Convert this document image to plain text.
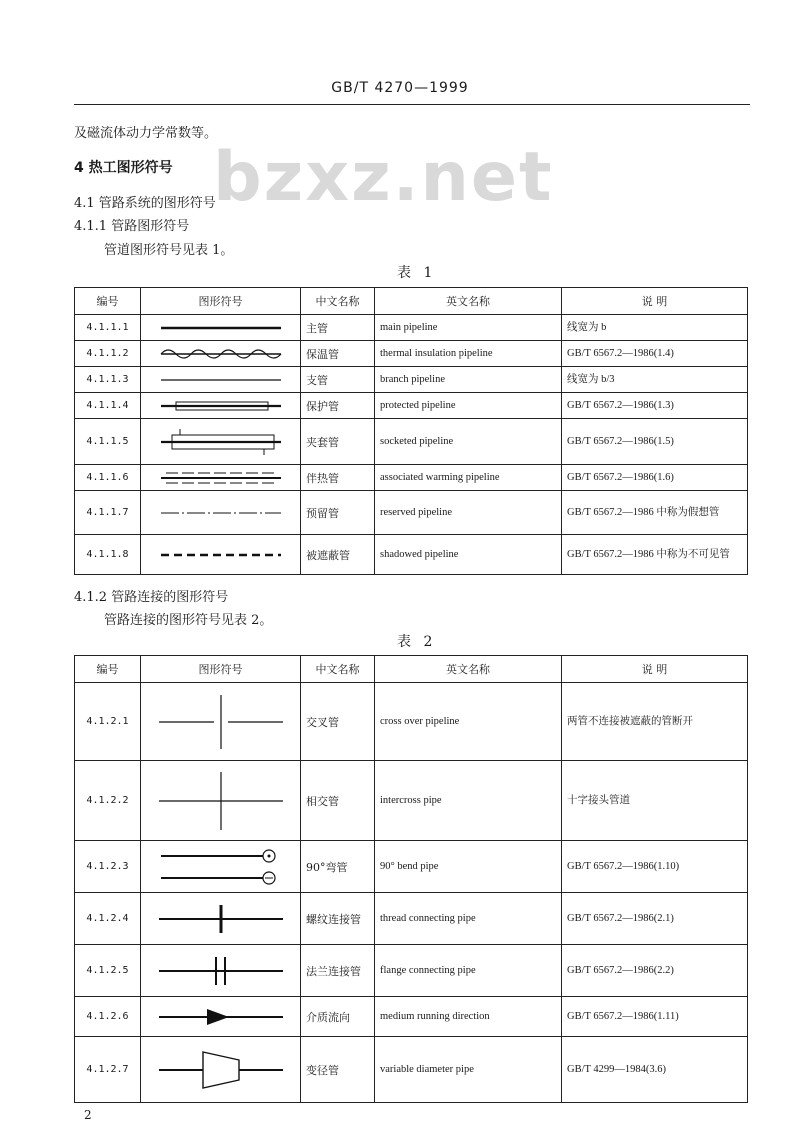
GB/T 4270—1999
bzxz.net
及磁流体动力学常数等。
4 热工图形符号
4.1 管路系统的图形符号
4.1.1 管路图形符号
管道图形符号见表 1。
表 1
编号	图形符号	中文名称	英文名称	说 明
4.1.1.1		主管	main pipeline	线宽为 b
4.1.1.2		保温管	thermal insulation pipeline	GB/T 6567.2—1986(1.4)
4.1.1.3		支管	branch pipeline	线宽为 b/3
4.1.1.4		保护管	protected pipeline	GB/T 6567.2—1986(1.3)
4.1.1.5		夹套管	socketed pipeline	GB/T 6567.2—1986(1.5)
4.1.1.6		伴热管	associated warming pipeline	GB/T 6567.2—1986(1.6)
4.1.1.7		预留管	reserved pipeline	GB/T 6567.2—1986 中称为假想管
4.1.1.8		被遮蔽管	shadowed pipeline	GB/T 6567.2—1986 中称为不可见管
4.1.2 管路连接的图形符号
管路连接的图形符号见表 2。
表 2
编号	图形符号	中文名称	英文名称	说 明
4.1.2.1		交叉管	cross over pipeline	两管不连接被遮蔽的管断开
4.1.2.2		相交管	intercross pipe	十字接头管道
4.1.2.3		90°弯管	90° bend pipe	GB/T 6567.2—1986(1.10)
4.1.2.4		螺纹连接管	thread connecting pipe	GB/T 6567.2—1986(2.1)
4.1.2.5		法兰连接管	flange connecting pipe	GB/T 6567.2—1986(2.2)
4.1.2.6		介质流向	medium running direction	GB/T 6567.2—1986(1.11)
4.1.2.7		变径管	variable diameter pipe	GB/T 4299—1984(3.6)
2
